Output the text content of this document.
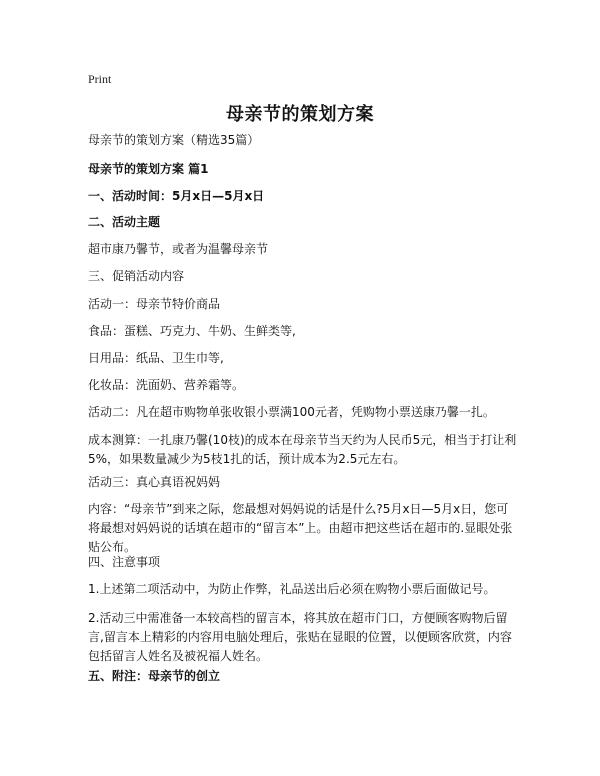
Print
母亲节的策划方案
母亲节的策划方案（精选35篇）
母亲节的策划方案 篇1
一、活动时间：5月x日—5月x日
二、活动主题
超市康乃馨节，或者为温馨母亲节
三、促销活动内容
活动一：母亲节特价商品
食品：蛋糕、巧克力、牛奶、生鲜类等,
日用品：纸品、卫生巾等,
化妆品：洗面奶、营养霜等。
活动二：凡在超市购物单张收银小票满100元者，凭购物小票送康乃馨一扎。
成本测算：一扎康乃馨(10枝)的成本在母亲节当天约为人民币5元，相当于打让利5%，如果数量减少为5枝1扎的话，预计成本为2.5元左右。
活动三：真心真语祝妈妈
内容：“母亲节”到来之际，您最想对妈妈说的话是什么?5月x日—5月x日，您可将最想对妈妈说的话填在超市的“留言本”上。由超市把这些话在超市的.显眼处张贴公布。
四、注意事项
1.上述第二项活动中，为防止作弊，礼品送出后必须在购物小票后面做记号。
2.活动三中需准备一本较高档的留言本，将其放在超市门口，方便顾客购物后留言,留言本上精彩的内容用电脑处理后，张贴在显眼的位置，以便顾客欣赏，内容包括留言人姓名及被祝福人姓名。
五、附注：母亲节的创立
